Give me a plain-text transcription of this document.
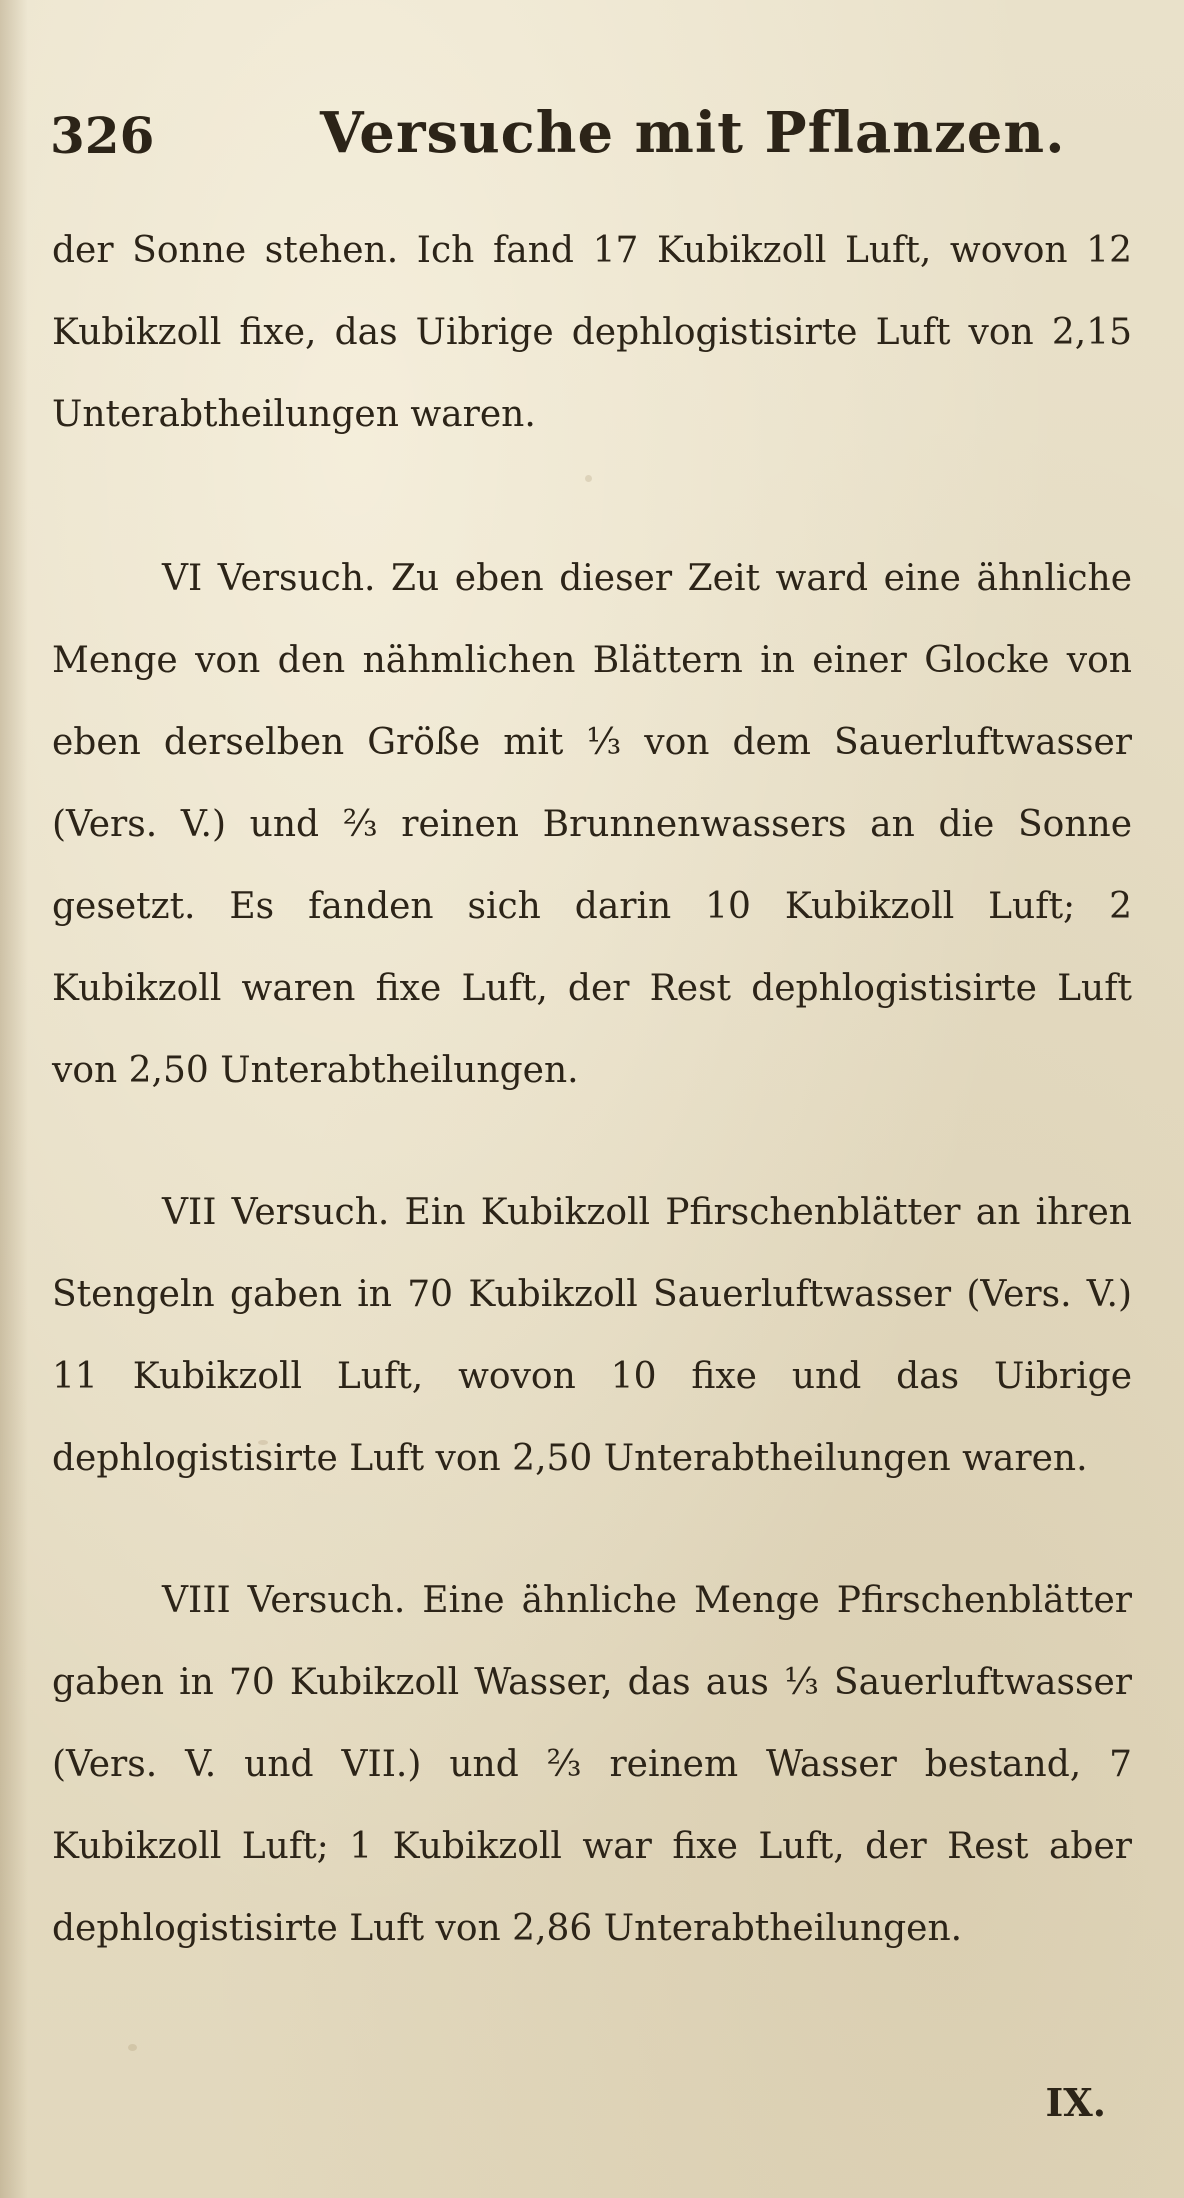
326	Versuche mit Pflanzen.

der Sonne stehen. Ich fand 17 Kubikzoll Luft, wovon 12 Kubikzoll fixe, das Uibrige dephlogistisirte Luft von 2,15 Unterabtheilungen waren.

VI Versuch. Zu eben dieser Zeit ward eine ähnliche Menge von den nähmlichen Blättern in einer Glocke von eben derselben Größe mit ⅓ von dem Sauerluftwasser (Vers. V.) und ⅔ reinen Brunnenwassers an die Sonne gesetzt. Es fanden sich darin 10 Kubikzoll Luft; 2 Kubikzoll waren fixe Luft, der Rest dephlogistisirte Luft von 2,50 Unterabtheilungen.

VII Versuch. Ein Kubikzoll Pfirschenblätter an ihren Stengeln gaben in 70 Kubikzoll Sauerluftwasser (Vers. V.) 11 Kubikzoll Luft, wovon 10 fixe und das Uibrige dephlogistisirte Luft von 2,50 Unterabtheilungen waren.

VIII Versuch. Eine ähnliche Menge Pfirschenblätter gaben in 70 Kubikzoll Wasser, das aus ⅓ Sauerluftwasser (Vers. V. und VII.) und ⅔ reinem Wasser bestand, 7 Kubikzoll Luft; 1 Kubikzoll war fixe Luft, der Rest aber dephlogistisirte Luft von 2,86 Unterabtheilungen.

IX.
